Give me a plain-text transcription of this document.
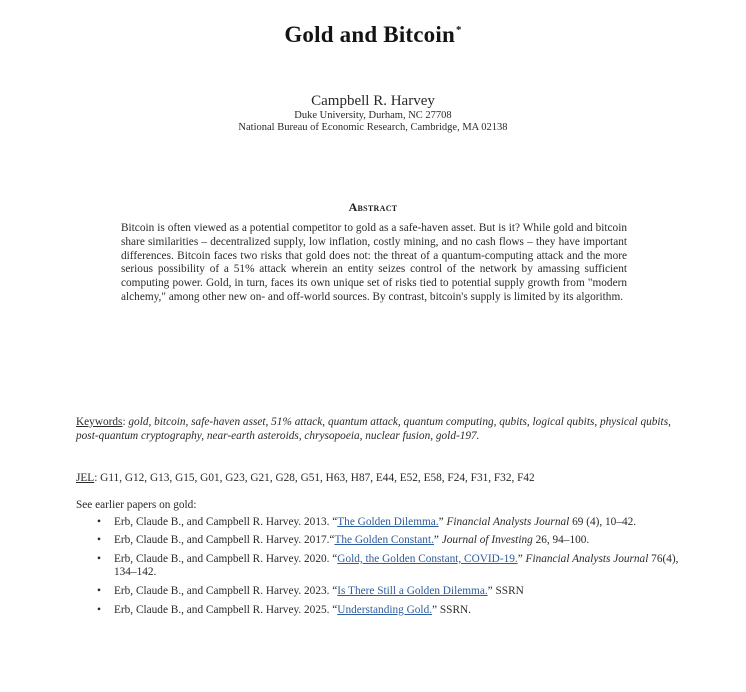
Gold and Bitcoin*
Campbell R. Harvey
Duke University, Durham, NC 27708
National Bureau of Economic Research, Cambridge, MA 02138
Abstract
Bitcoin is often viewed as a potential competitor to gold as a safe-haven asset. But is it? While gold and bitcoin share similarities – decentralized supply, low inflation, costly mining, and no cash flows – they have important differences. Bitcoin faces two risks that gold does not: the threat of a quantum-computing attack and the more serious possibility of a 51% attack wherein an entity seizes control of the network by amassing sufficient computing power. Gold, in turn, faces its own unique set of risks tied to potential supply growth from "modern alchemy," among other new on- and off-world sources. By contrast, bitcoin's supply is limited by its algorithm.
Keywords: gold, bitcoin, safe-haven asset, 51% attack, quantum attack, quantum computing, qubits, logical qubits, physical qubits, post-quantum cryptography, near-earth asteroids, chrysopoeia, nuclear fusion, gold-197.
JEL: G11, G12, G13, G15, G01, G23, G21, G28, G51, H63, H87, E44, E52, E58, F24, F31, F32, F42
See earlier papers on gold:
• Erb, Claude B., and Campbell R. Harvey. 2013. “The Golden Dilemma.” Financial Analysts Journal 69 (4), 10–42.
• Erb, Claude B., and Campbell R. Harvey. 2017.“The Golden Constant.” Journal of Investing 26, 94–100.
• Erb, Claude B., and Campbell R. Harvey. 2020. “Gold, the Golden Constant, COVID-19.” Financial Analysts Journal 76(4), 134–142.
• Erb, Claude B., and Campbell R. Harvey. 2023. “Is There Still a Golden Dilemma.” SSRN
• Erb, Claude B., and Campbell R. Harvey. 2025. “Understanding Gold.” SSRN.
